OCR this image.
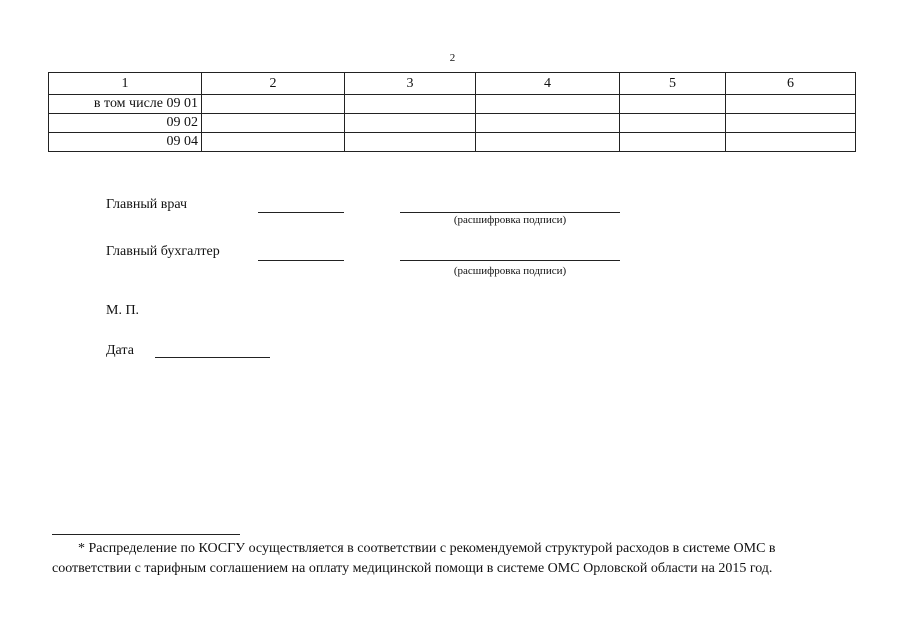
2
1	2	3	4	5	6
в том числе 09 01					
09 02					
09 04					
Главный врач
(расшифровка подписи)
Главный бухгалтер
(расшифровка подписи)
М. П.
Дата
* Распределение по КОСГУ осуществляется в соответствии с рекомендуемой структурой расходов в системе ОМС в
соответствии с тарифным соглашением на оплату медицинской помощи в системе ОМС Орловской области на 2015 год.
